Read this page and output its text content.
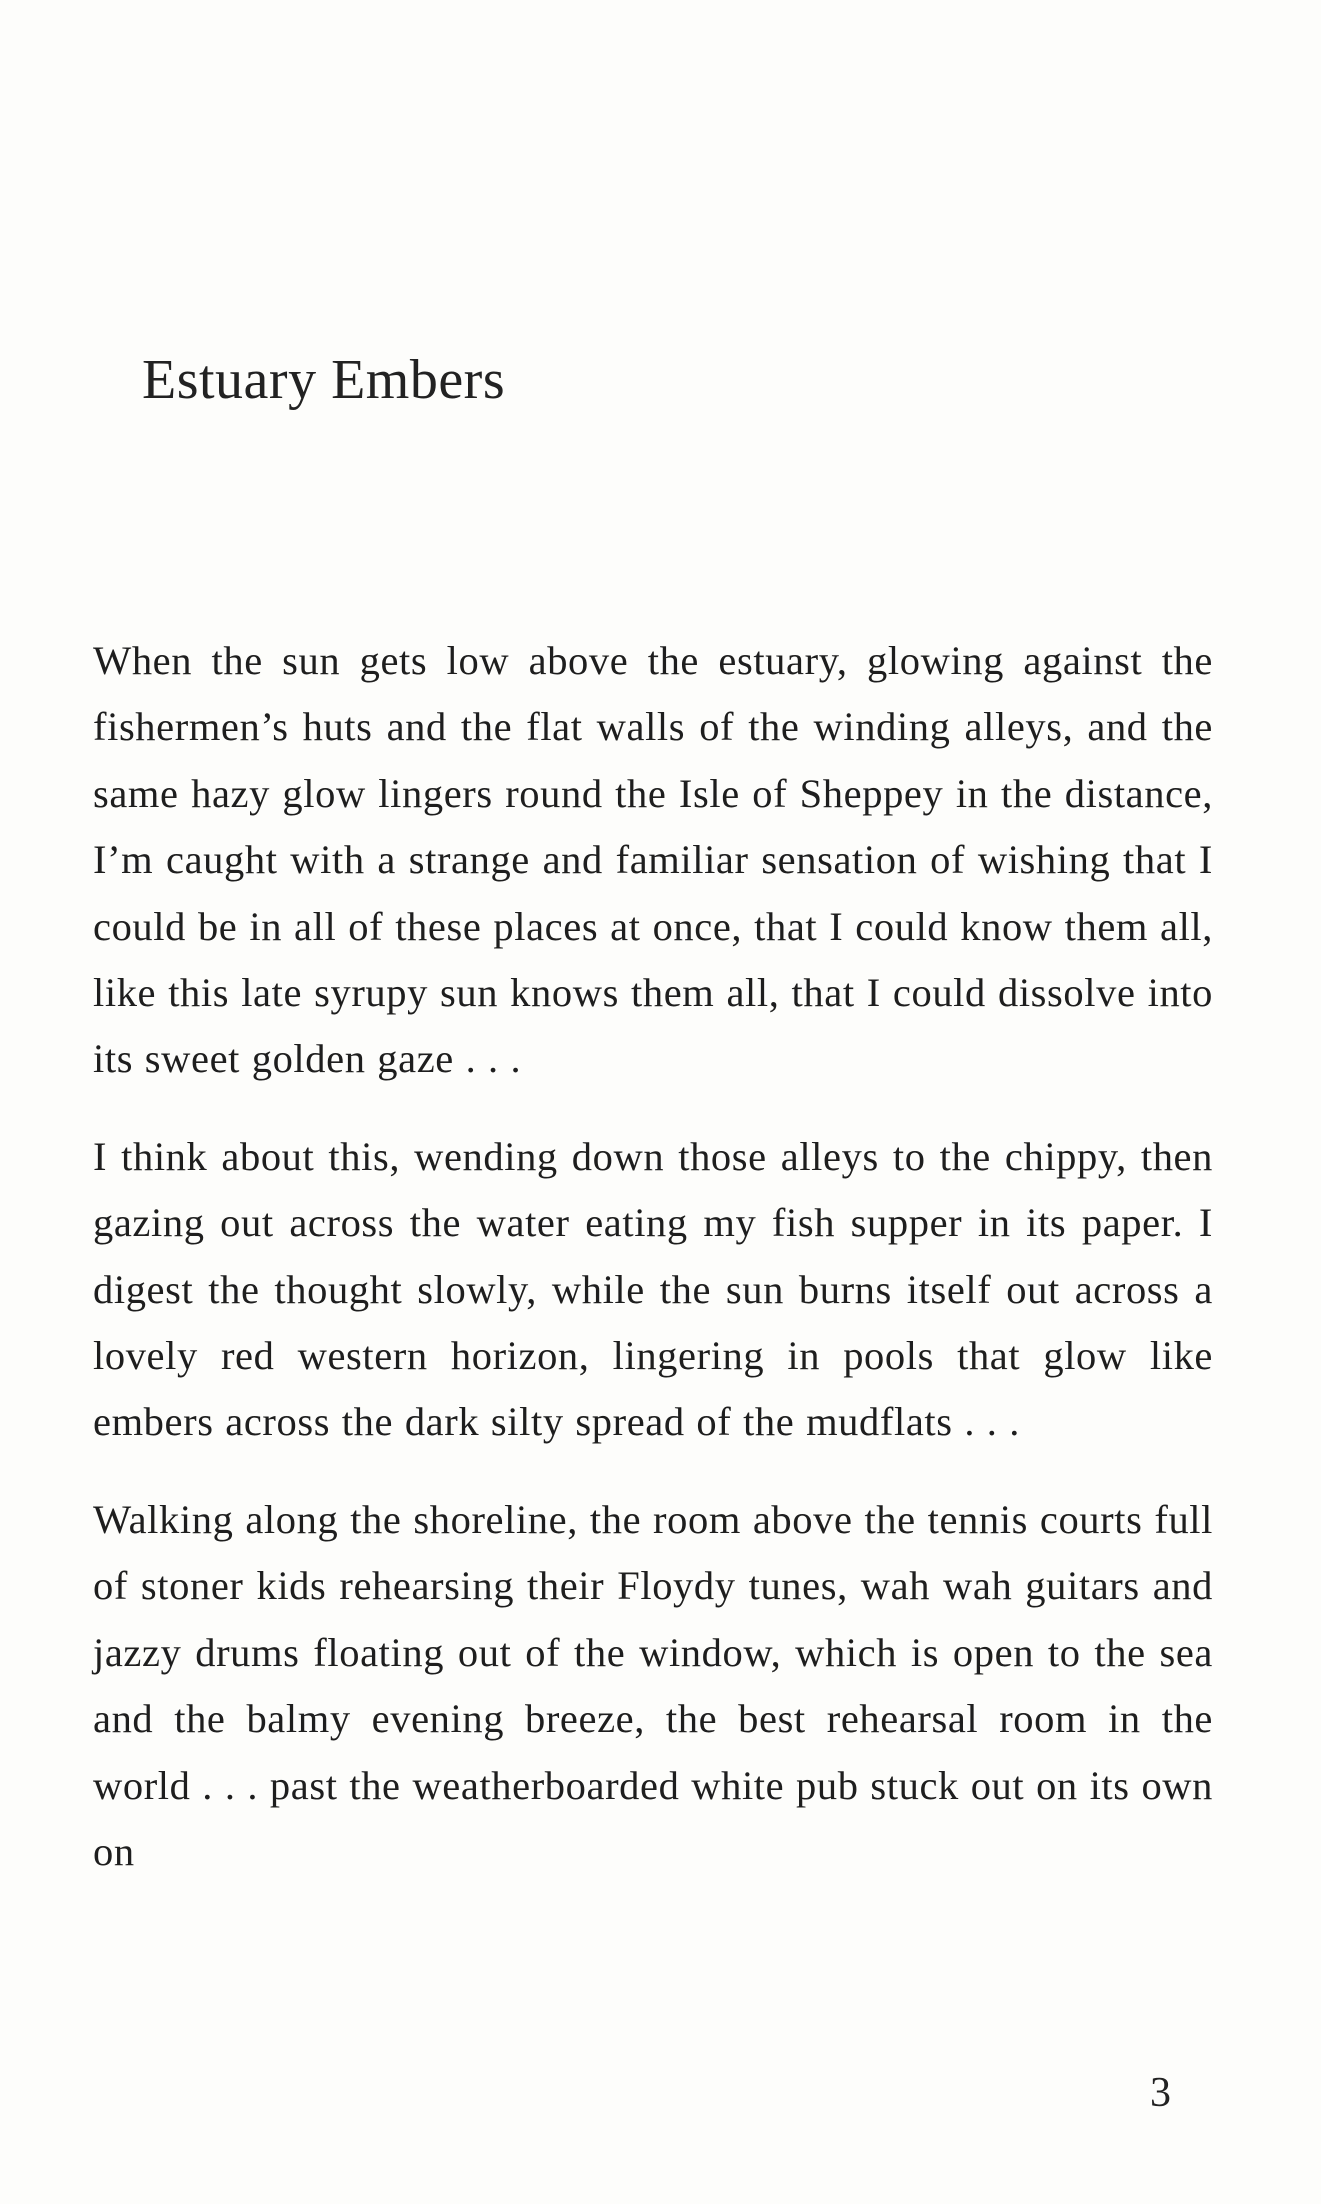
Estuary Embers

When the sun gets low above the estuary, glowing against the fishermen’s huts and the flat walls of the winding alleys, and the same hazy glow lingers round the Isle of Sheppey in the distance, I’m caught with a strange and familiar sensation of wishing that I could be in all of these places at once, that I could know them all, like this late syrupy sun knows them all, that I could dissolve into its sweet golden gaze . . .

I think about this, wending down those alleys to the chippy, then gazing out across the water eating my fish supper in its paper. I digest the thought slowly, while the sun burns itself out across a lovely red western horizon, lingering in pools that glow like embers across the dark silty spread of the mudflats . . .

Walking along the shoreline, the room above the tennis courts full of stoner kids rehearsing their Floydy tunes, wah wah guitars and jazzy drums floating out of the window, which is open to the sea and the balmy evening breeze, the best rehearsal room in the world . . . past the weatherboarded white pub stuck out on its own on

3
